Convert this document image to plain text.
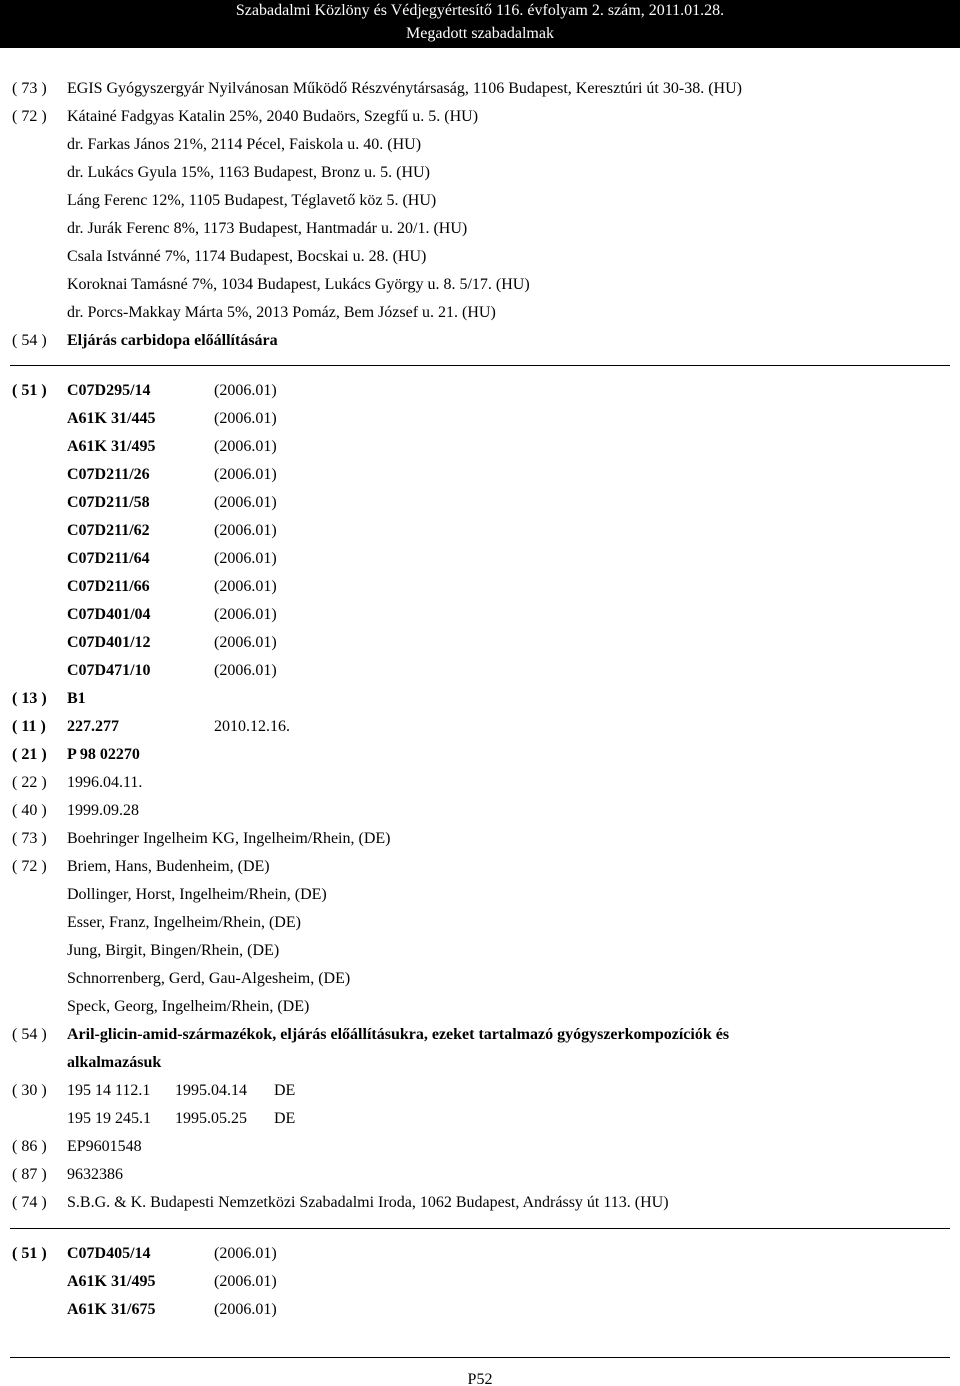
Szabadalmi Közlöny és Védjegyértesítő 116. évfolyam 2. szám, 2011.01.28.
Megadott szabadalmak
( 73 ) EGIS Gyógyszergyár Nyilvánosan Működő Részvénytársaság, 1106 Budapest, Keresztúri út 30-38. (HU)
( 72 ) Kátainé Fadgyas Katalin 25%, 2040 Budaörs, Szegfű u. 5. (HU)
dr. Farkas János 21%, 2114 Pécel, Faiskola u. 40. (HU)
dr. Lukács Gyula 15%, 1163 Budapest, Bronz u. 5. (HU)
Láng Ferenc 12%, 1105 Budapest, Téglavető köz 5. (HU)
dr. Jurák Ferenc 8%, 1173 Budapest, Hantmadár u. 20/1. (HU)
Csala Istvánné 7%, 1174 Budapest, Bocskai u. 28. (HU)
Koroknai Tamásné 7%, 1034 Budapest, Lukács György u. 8. 5/17. (HU)
dr. Porcs-Makkay Márta 5%, 2013 Pomáz, Bem József u. 21. (HU)
( 54 ) Eljárás carbidopa előállítására
( 51 ) C07D295/14	(2006.01)
A61K 31/445	(2006.01)
A61K 31/495	(2006.01)
C07D211/26	(2006.01)
C07D211/58	(2006.01)
C07D211/62	(2006.01)
C07D211/64	(2006.01)
C07D211/66	(2006.01)
C07D401/04	(2006.01)
C07D401/12	(2006.01)
C07D471/10	(2006.01)
( 13 ) B1
( 11 ) 227.277	2010.12.16.
( 21 ) P 98 02270
( 22 ) 1996.04.11.
( 40 ) 1999.09.28
( 73 ) Boehringer Ingelheim KG, Ingelheim/Rhein, (DE)
( 72 ) Briem, Hans, Budenheim, (DE)
Dollinger, Horst, Ingelheim/Rhein, (DE)
Esser, Franz, Ingelheim/Rhein, (DE)
Jung, Birgit, Bingen/Rhein, (DE)
Schnorrenberg, Gerd, Gau-Algesheim, (DE)
Speck, Georg, Ingelheim/Rhein, (DE)
( 54 ) Aril-glicin-amid-származékok, eljárás előállításukra, ezeket tartalmazó gyógyszerkompozíciók és
alkalmazásuk
( 30 ) 195 14 112.1 1995.04.14 DE
195 19 245.1 1995.05.25 DE
( 86 ) EP9601548
( 87 ) 9632386
( 74 ) S.B.G. & K. Budapesti Nemzetközi Szabadalmi Iroda, 1062 Budapest, Andrássy út 113. (HU)
( 51 ) C07D405/14	(2006.01)
A61K 31/495	(2006.01)
A61K 31/675	(2006.01)
P52
